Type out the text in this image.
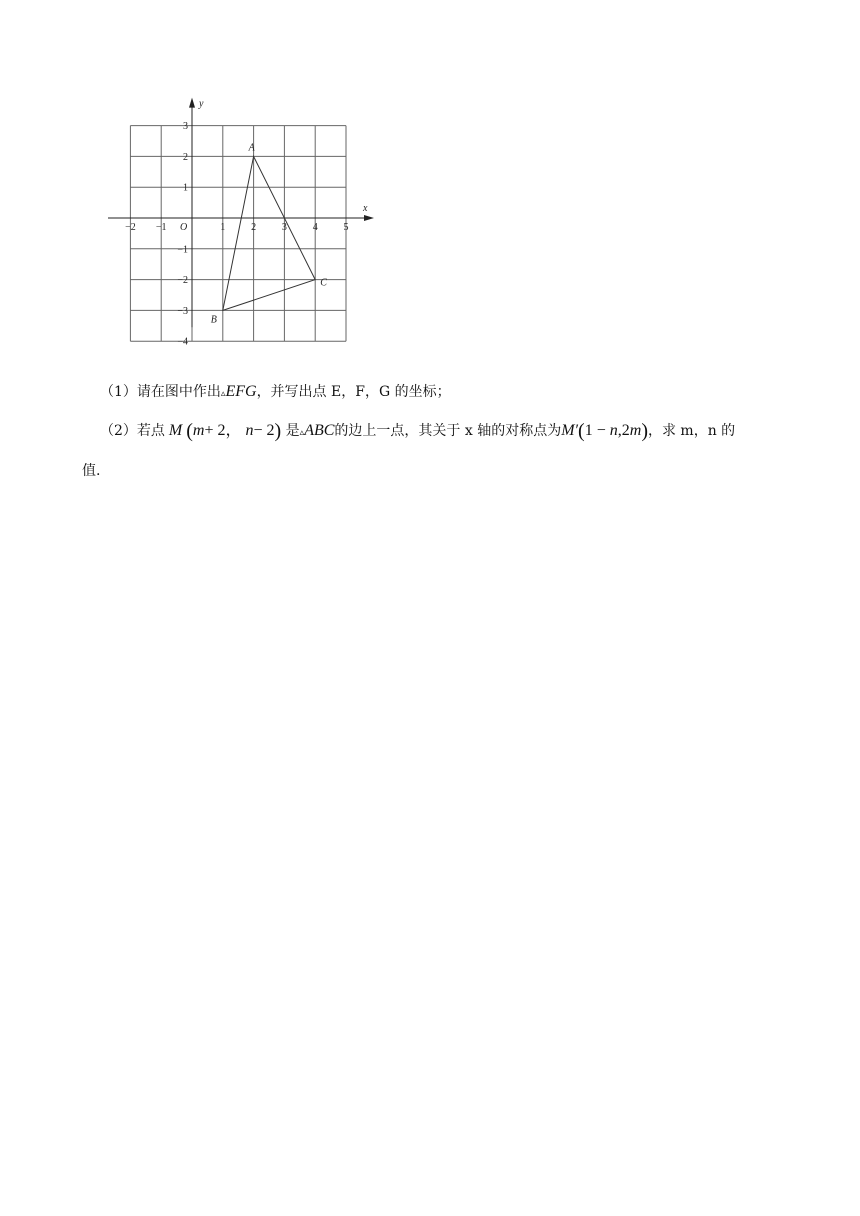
−2 −1	1	2	3	4	5
3
2
1
−1
−2
−3
−4
O
x
y
A
B
C
（1）请在图中作出▵EFG，并写出点 E，F，G 的坐标；
（2）若点 M (m+ 2， n− 2) 是▵ABC的边上一点，其关于 x 轴的对称点为M′(1 − n,2m)，求 m，n 的
值.
